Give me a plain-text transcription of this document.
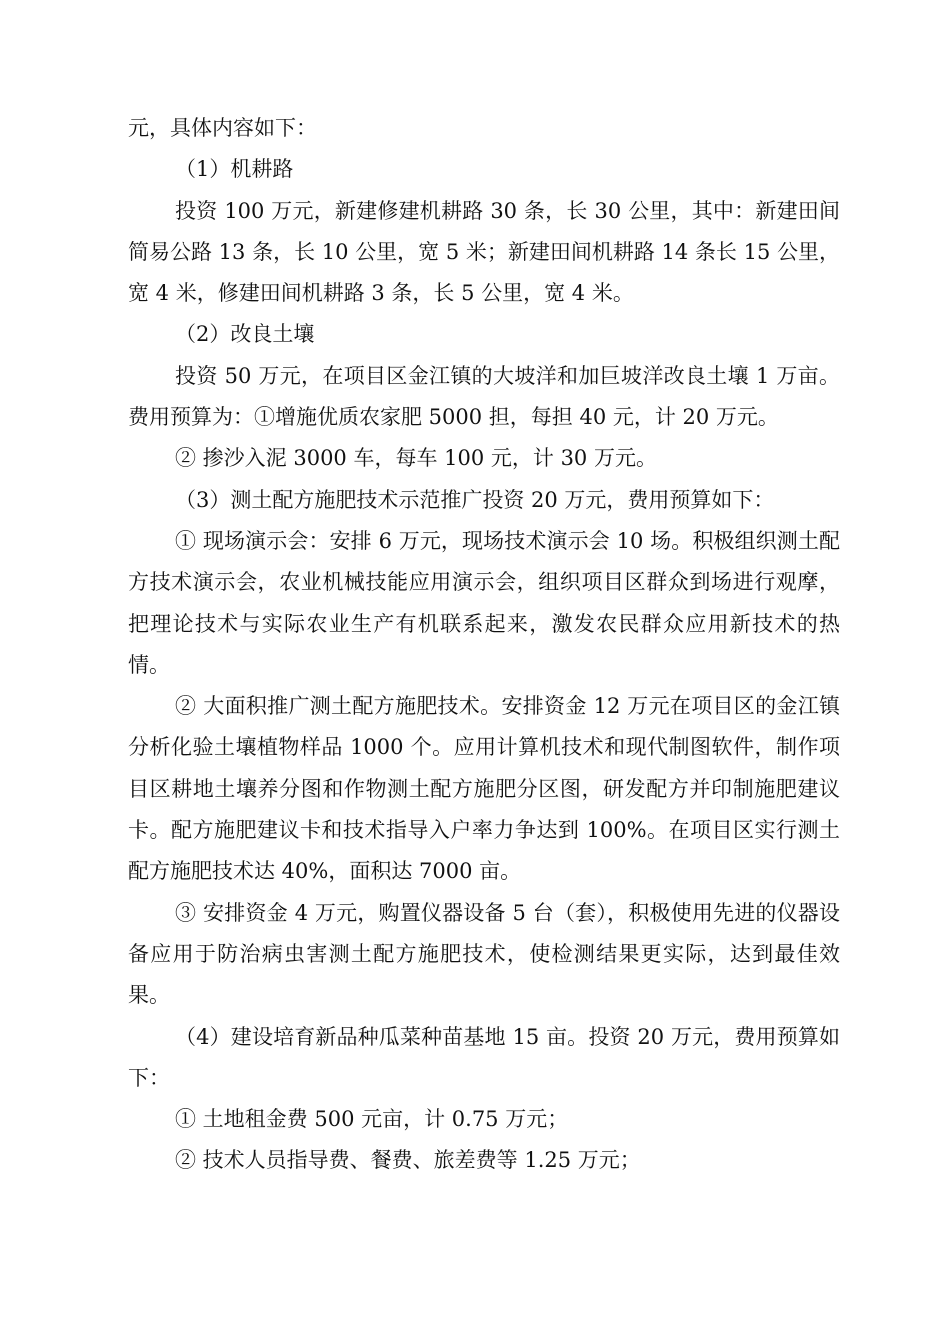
元，具体内容如下：

（1）机耕路

投资 100 万元，新建修建机耕路 30 条，长 30 公里，其中：新建田间简易公路 13 条，长 10 公里，宽 5 米；新建田间机耕路 14 条长 15 公里，宽 4 米，修建田间机耕路 3 条，长 5 公里，宽 4 米。

（2）改良土壤

投资 50 万元，在项目区金江镇的大坡洋和加巨坡洋改良土壤 1 万亩。费用预算为：①增施优质农家肥 5000 担，每担 40 元，计 20 万元。

② 掺沙入泥 3000 车，每车 100 元，计 30 万元。

（3）测土配方施肥技术示范推广投资 20 万元，费用预算如下：

① 现场演示会：安排 6 万元，现场技术演示会 10 场。积极组织测土配方技术演示会，农业机械技能应用演示会，组织项目区群众到场进行观摩，把理论技术与实际农业生产有机联系起来，激发农民群众应用新技术的热情。

② 大面积推广测土配方施肥技术。安排资金 12 万元在项目区的金江镇分析化验土壤植物样品 1000 个。应用计算机技术和现代制图软件，制作项目区耕地土壤养分图和作物测土配方施肥分区图，研发配方并印制施肥建议卡。配方施肥建议卡和技术指导入户率力争达到 100%。在项目区实行测土配方施肥技术达 40%，面积达 7000 亩。

③ 安排资金 4 万元，购置仪器设备 5 台（套），积极使用先进的仪器设备应用于防治病虫害测土配方施肥技术，使检测结果更实际，达到最佳效果。

（4）建设培育新品种瓜菜种苗基地 15 亩。投资 20 万元，费用预算如下：

① 土地租金费 500 元亩，计 0.75 万元；

② 技术人员指导费、餐费、旅差费等 1.25 万元；
